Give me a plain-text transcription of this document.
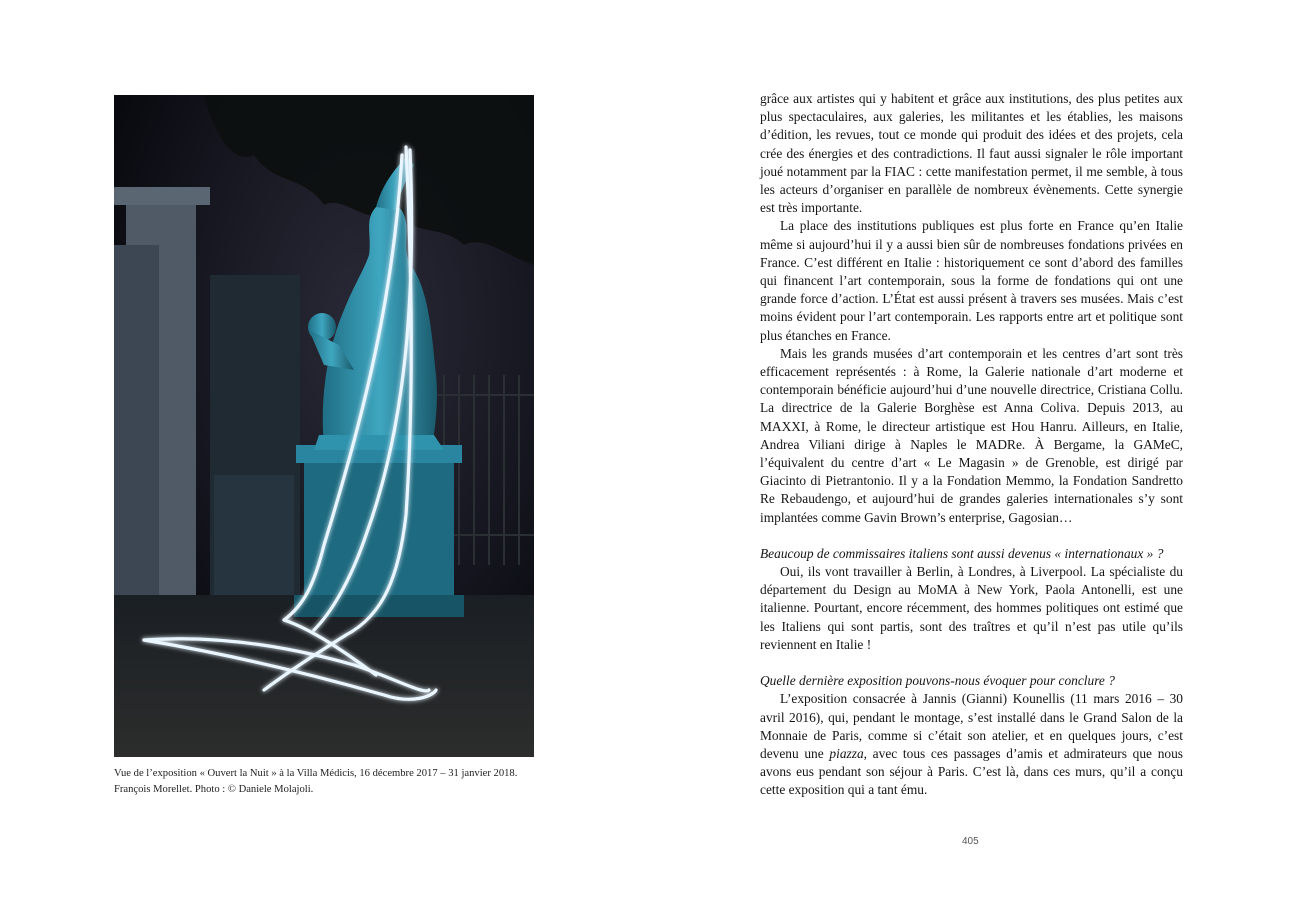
Vue de l’exposition « Ouvert la Nuit » à la Villa Médicis, 16 décembre 2017 – 31 janvier 2018. François Morellet. Photo : © Daniele Molajoli.

grâce aux artistes qui y habitent et grâce aux institutions, des plus petites aux plus spectaculaires, aux galeries, les militantes et les établies, les maisons d’édition, les revues, tout ce monde qui produit des idées et des projets, cela crée des énergies et des contradictions. Il faut aussi signaler le rôle important joué notamment par la FIAC : cette manifestation permet, il me semble, à tous les acteurs d’organiser en parallèle de nombreux évènements. Cette synergie est très importante.

La place des institutions publiques est plus forte en France qu’en Italie même si aujourd’hui il y a aussi bien sûr de nombreuses fondations privées en France. C’est différent en Italie : historiquement ce sont d’abord des familles qui financent l’art contemporain, sous la forme de fondations qui ont une grande force d’action. L’État est aussi présent à travers ses musées. Mais c’est moins évident pour l’art contemporain. Les rapports entre art et politique sont plus étanches en France.

Mais les grands musées d’art contemporain et les centres d’art sont très efficacement représentés : à Rome, la Galerie nationale d’art moderne et contemporain bénéficie aujourd’hui d’une nouvelle directrice, Cristiana Collu. La directrice de la Galerie Borghèse est Anna Coliva. Depuis 2013, au MAXXI, à Rome, le directeur artistique est Hou Hanru. Ailleurs, en Italie, Andrea Viliani dirige à Naples le MADRe. À Bergame, la GAMeC, l’équivalent du centre d’art « Le Magasin » de Grenoble, est dirigé par Giacinto di Pietrantonio. Il y a la Fondation Memmo, la Fondation Sandretto Re Rebaudengo, et aujourd’hui de grandes galeries internationales s’y sont implantées comme Gavin Brown’s enterprise, Gagosian…

Beaucoup de commissaires italiens sont aussi devenus « internationaux » ?

Oui, ils vont travailler à Berlin, à Londres, à Liverpool. La spécialiste du département du Design au MoMA à New York, Paola Antonelli, est une italienne. Pourtant, encore récemment, des hommes politiques ont estimé que les Italiens qui sont partis, sont des traîtres et qu’il n’est pas utile qu’ils reviennent en Italie !

Quelle dernière exposition pouvons-nous évoquer pour conclure ?

L’exposition consacrée à Jannis (Gianni) Kounellis (11 mars 2016 – 30 avril 2016), qui, pendant le montage, s’est installé dans le Grand Salon de la Monnaie de Paris, comme si c’était son atelier, et en quelques jours, c’est devenu une piazza, avec tous ces passages d’amis et admirateurs que nous avons eus pendant son séjour à Paris. C’est là, dans ces murs, qu’il a conçu cette exposition qui a tant ému.

405
